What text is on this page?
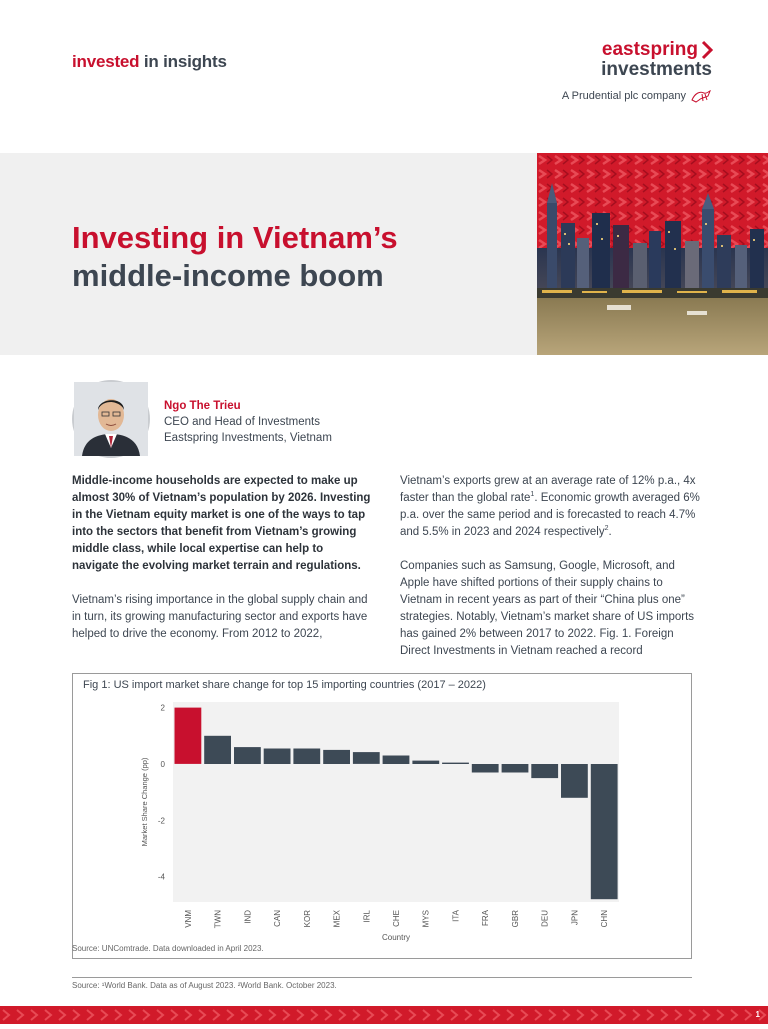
invested in insights
eastspring
investments
A Prudential plc company
Investing in Vietnam’s
middle-income boom
Ngo The Trieu
CEO and Head of Investments
Eastspring Investments, Vietnam

Middle-income households are expected to make up almost 30% of Vietnam’s population by 2026. Investing in the Vietnam equity market is one of the ways to tap into the sectors that benefit from Vietnam’s growing middle class, while local expertise can help to navigate the evolving market terrain and regulations.

Vietnam’s rising importance in the global supply chain and in turn, its growing manufacturing sector and exports have helped to drive the economy. From 2012 to 2022,

Vietnam’s exports grew at an average rate of 12% p.a., 4x faster than the global rate$^1$. Economic growth averaged 6% p.a. over the same period and is forecasted to reach 4.7% and 5.5% in 2023 and 2024 respectively$^2$.

Companies such as Samsung, Google, Microsoft, and Apple have shifted portions of their supply chains to Vietnam in recent years as part of their “China plus one” strategies. Notably, Vietnam’s market share of US imports has gained 2% between 2017 to 2022. Fig. 1. Foreign Direct Investments in Vietnam reached a record

Fig 1: US import market share change for top 15 importing countries (2017 – 2022)
2
0
-2
-4
VNM	TWN	IND	CAN	KOR	MEX	IRL	CHE	MYS	ITA	FRA	GBR	DEU	JPN	CHN
Country
Market Share Change (pp)
Source: UNComtrade. Data downloaded in April 2023.
Source: ¹World Bank. Data as of August 2023. ²World Bank. October 2023.
1
